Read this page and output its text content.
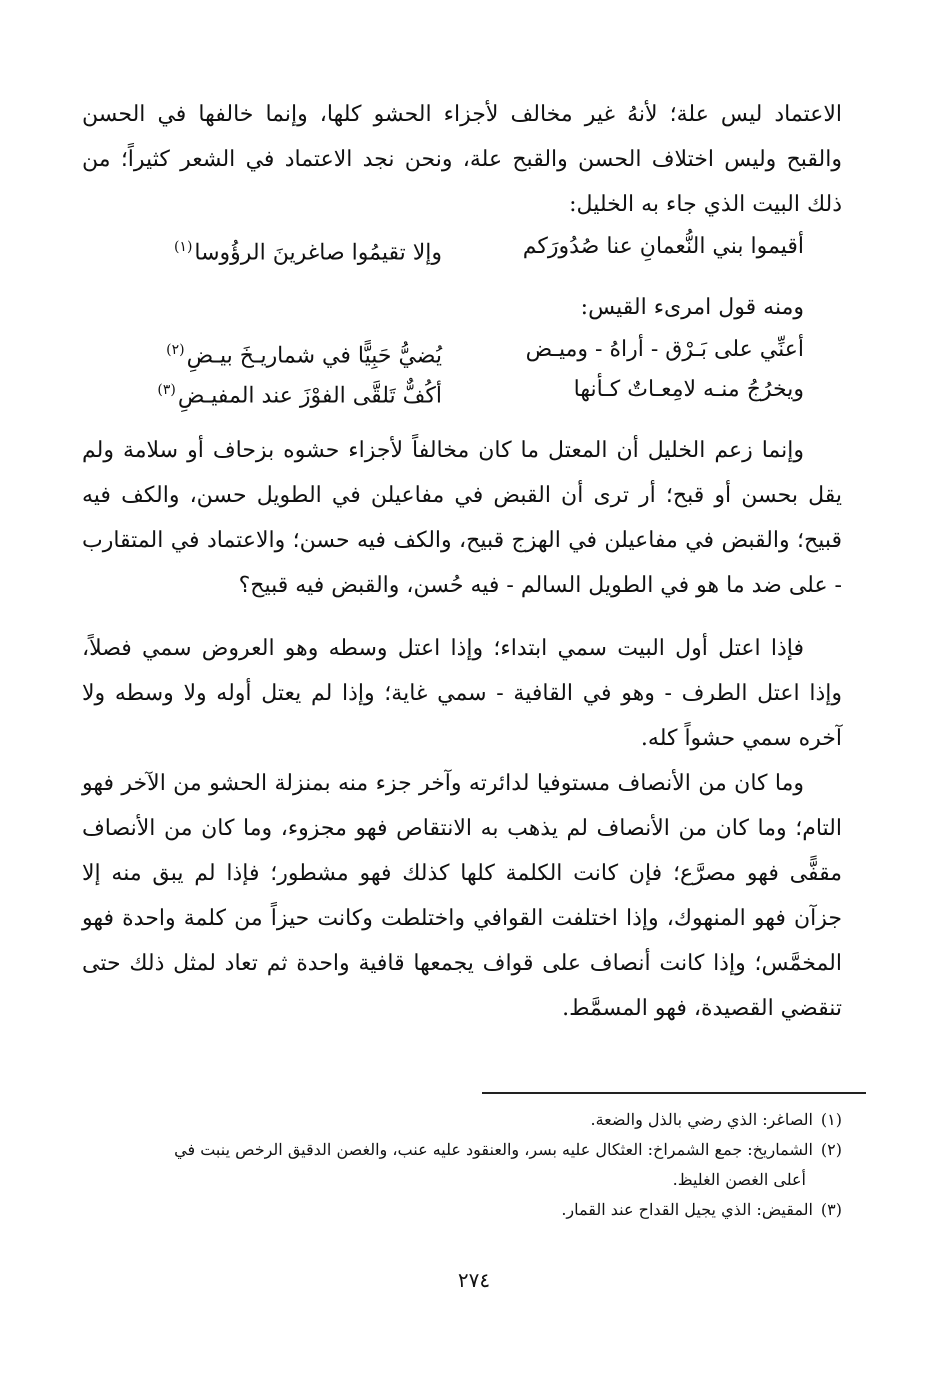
الاعتماد ليس علة؛ لأنهُ غير مخالف لأجزاء الحشو كلها، وإنما خالفها في الحسن والقبح وليس اختلاف الحسن والقبح علة، ونحن نجد الاعتماد في الشعر كثيراً؛ من ذلك البيت الذي جاء به الخليل:

أقيموا بني النُّعمانِ عنا صُدُورَكم
وإلا تقيمُوا صاغرينَ الرؤُوسا$^{(١)}$

ومنه قول امرىء القيس:

أعنِّي على بَـرْق - أراهُ - وميـض
يُضيُّ حَبِيًّا في شماريـخَ بيـضِ$^{(٢)}$
ويخرُجُ منـه لامِعـاتٌ كـأنها
أكُفٌّ تَلقَّى الفوْزَ عند المفيـضِ$^{(٣)}$

وإنما زعم الخليل أن المعتل ما كان مخالفاً لأجزاء حشوه بزحاف أو سلامة ولم يقل بحسن أو قبح؛ أر ترى أن القبض في مفاعيلن في الطويل حسن، والكف فيه قبيح؛ والقبض في مفاعيلن في الهزج قبيح، والكف فيه حسن؛ والاعتماد في المتقارب - على ضد ما هو في الطويل السالم - فيه حُسن، والقبض فيه قبيح؟

فإذا اعتل أول البيت سمي ابتداء؛ وإذا اعتل وسطه وهو العروض سمي فصلاً، وإذا اعتل الطرف - وهو في القافية - سمي غاية؛ وإذا لم يعتل أوله ولا وسطه ولا آخره سمي حشواً كله.

وما كان من الأنصاف مستوفيا لدائرته وآخر جزء منه بمنزلة الحشو من الآخر فهو التام؛ وما كان من الأنصاف لم يذهب به الانتقاص فهو مجزوء، وما كان من الأنصاف مقفًّى فهو مصرَّع؛ فإن كانت الكلمة كلها كذلك فهو مشطور؛ فإذا لم يبق منه إلا جزآن فهو المنهوك، وإذا اختلفت القوافي واختلطت وكانت حيزاً من كلمة واحدة فهو المخمَّس؛ وإذا كانت أنصاف على قواف يجمعها قافية واحدة ثم تعاد لمثل ذلك حتى تنقضي القصيدة، فهو المسمَّط.

(١)الصاغر: الذي رضي بالذل والضعة.

(٢)الشماريخ: جمع الشمراخ: العثكال عليه بسر، والعنقود عليه عنب، والغصن الدقيق الرخص ينبت في
أعلى الغصن الغليظ.

(٣)المقيض: الذي يجيل القداح عند القمار.

٢٧٤
